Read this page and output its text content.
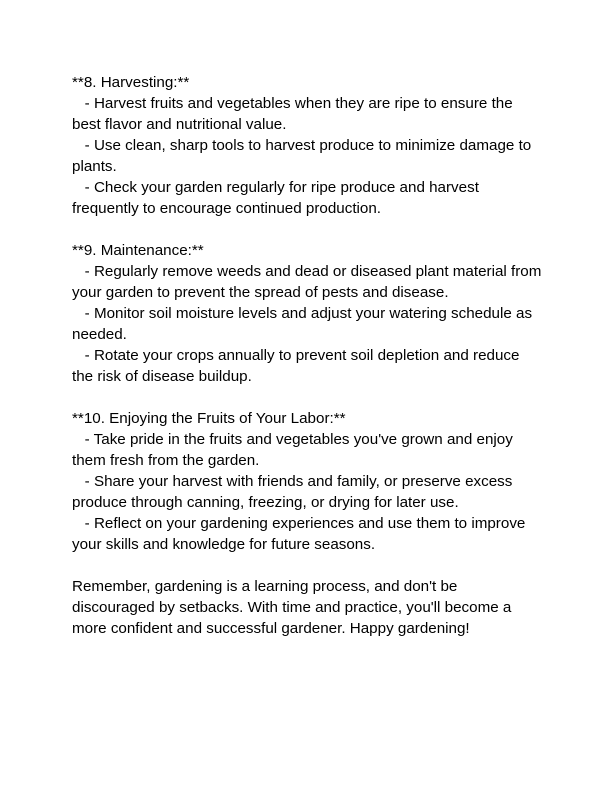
**8. Harvesting:**
- Harvest fruits and vegetables when they are ripe to ensure the best flavor and nutritional value.
- Use clean, sharp tools to harvest produce to minimize damage to plants.
- Check your garden regularly for ripe produce and harvest frequently to encourage continued production.
**9. Maintenance:**
- Regularly remove weeds and dead or diseased plant material from your garden to prevent the spread of pests and disease.
- Monitor soil moisture levels and adjust your watering schedule as needed.
- Rotate your crops annually to prevent soil depletion and reduce the risk of disease buildup.
**10. Enjoying the Fruits of Your Labor:**
- Take pride in the fruits and vegetables you've grown and enjoy them fresh from the garden.
- Share your harvest with friends and family, or preserve excess produce through canning, freezing, or drying for later use.
- Reflect on your gardening experiences and use them to improve your skills and knowledge for future seasons.
Remember, gardening is a learning process, and don't be discouraged by setbacks. With time and practice, you'll become a more confident and successful gardener. Happy gardening!
